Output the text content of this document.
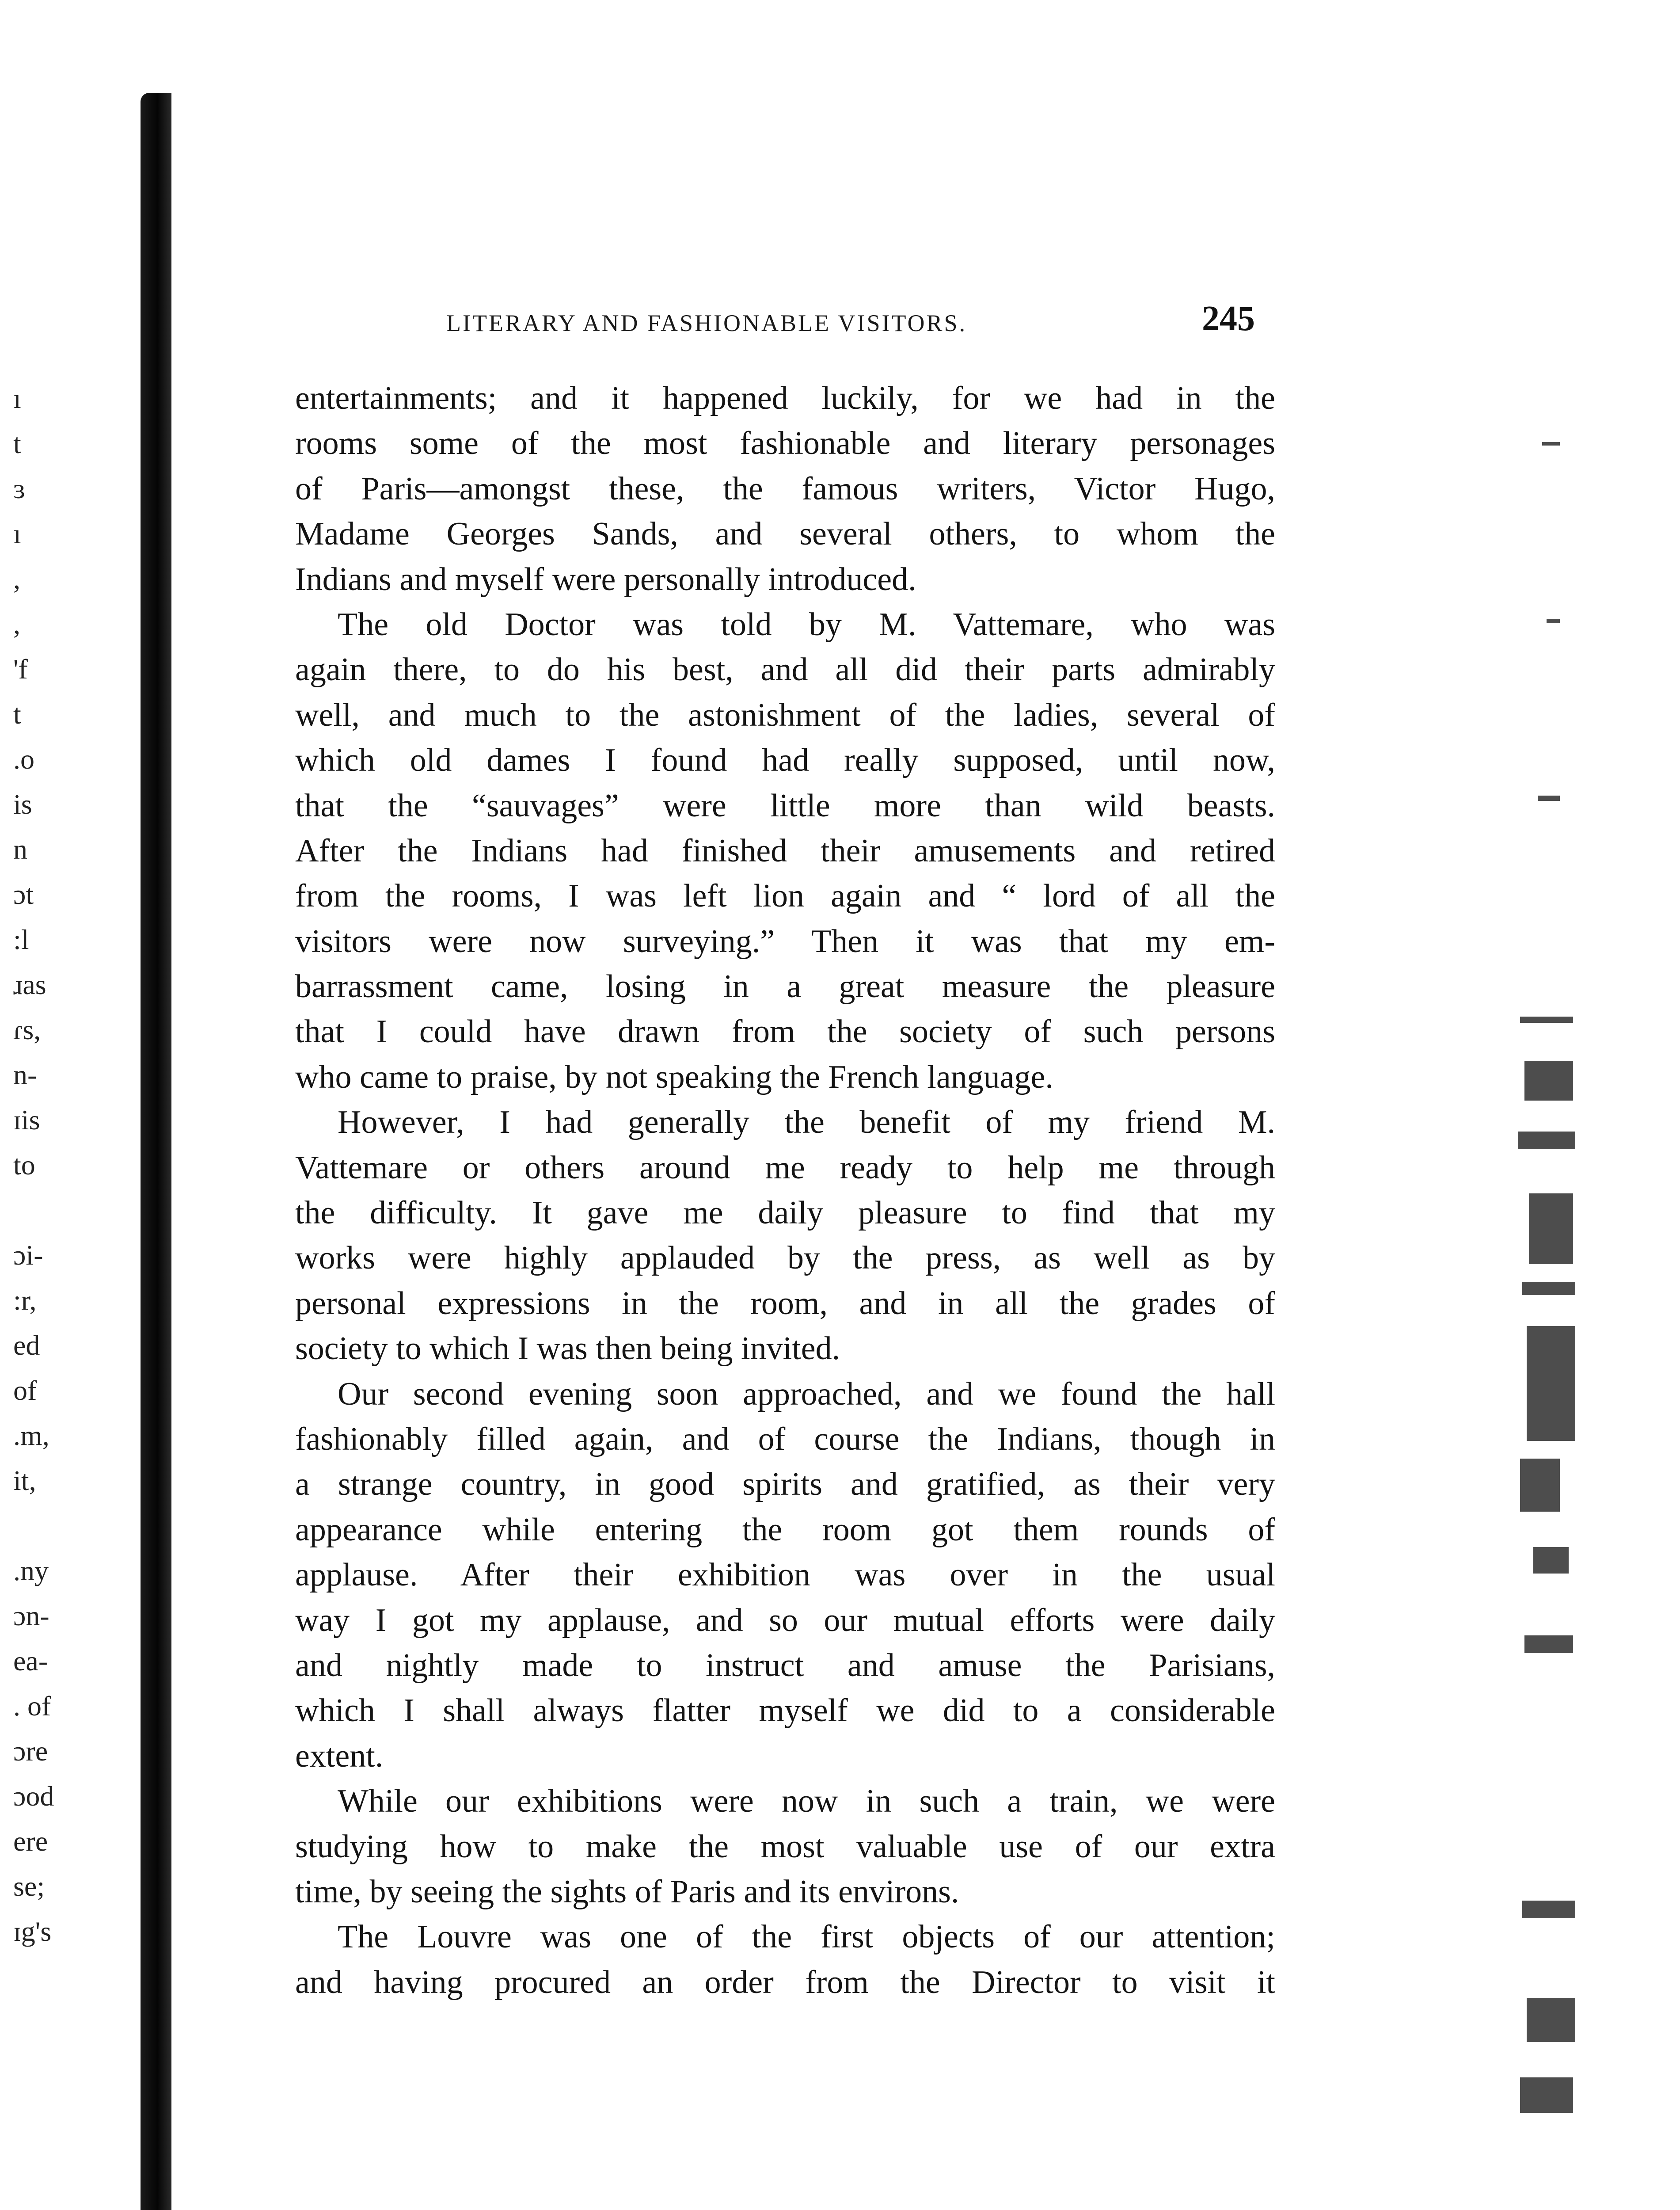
ı
t
ɜ
ı
,
,
'f
t
.o
is
n
ɔt
:l
ɹas
ɾs,
n-
ɪis
to
ɔi-
:r,
ed
of
.m,
it,
.ny
ɔn-
ea-
. of
ɔre
ɔod
ere
se;
ɪg's
LITERARY AND FASHIONABLE VISITORS.	245
entertainments; and it happened luckily, for we had in the
rooms some of the most fashionable and literary personages
of Paris—amongst these, the famous writers, Victor Hugo,
Madame Georges Sands, and several others, to whom the
Indians and myself were personally introduced.
The old Doctor was told by M. Vattemare, who was
again there, to do his best, and all did their parts admirably
well, and much to the astonishment of the ladies, several of
which old dames I found had really supposed, until now,
that the “sauvages” were little more than wild beasts.
After the Indians had finished their amusements and retired
from the rooms, I was left lion again and “ lord of all the
visitors were now surveying.” Then it was that my em-
barrassment came, losing in a great measure the pleasure
that I could have drawn from the society of such persons
who came to praise, by not speaking the French language.
However, I had generally the benefit of my friend M.
Vattemare or others around me ready to help me through
the difficulty. It gave me daily pleasure to find that my
works were highly applauded by the press, as well as by
personal expressions in the room, and in all the grades of
society to which I was then being invited.
Our second evening soon approached, and we found the hall
fashionably filled again, and of course the Indians, though in
a strange country, in good spirits and gratified, as their very
appearance while entering the room got them rounds of
applause. After their exhibition was over in the usual
way I got my applause, and so our mutual efforts were daily
and nightly made to instruct and amuse the Parisians,
which I shall always flatter myself we did to a considerable
extent.
While our exhibitions were now in such a train, we were
studying how to make the most valuable use of our extra
time, by seeing the sights of Paris and its environs.
The Louvre was one of the first objects of our attention;
and having procured an order from the Director to visit it
